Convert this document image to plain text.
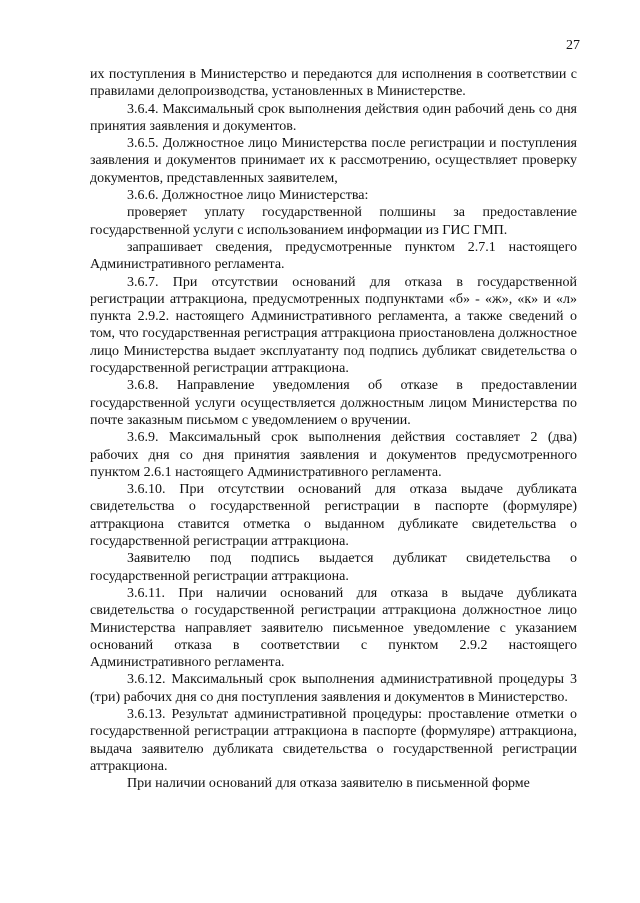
27

их поступления в Министерство и передаются для исполнения в соответствии с правилами делопроизводства, установленных в Министерстве.

3.6.4. Максимальный срок выполнения действия один рабочий день со дня принятия заявления и документов.

3.6.5. Должностное лицо Министерства после регистрации и поступления заявления и документов принимает их к рассмотрению, осуществляет проверку документов, представленных заявителем,

3.6.6. Должностное лицо Министерства:

проверяет уплату государственной полшины за предоставление государственной услуги с использованием информации из ГИС ГМП.

запрашивает сведения, предусмотренные пунктом 2.7.1 настоящего Административного регламента.

3.6.7. При отсутствии оснований для отказа в государственной регистрации аттракциона, предусмотренных подпунктами «б» - «ж», «к» и «л» пункта 2.9.2. настоящего Административного регламента, а также сведений о том, что государственная регистрация аттракциона приостановлена должностное лицо Министерства выдает эксплуатанту под подпись дубликат свидетельства о государственной регистрации аттракциона.

3.6.8. Направление уведомления об отказе в предоставлении государственной услуги осуществляется должностным лицом Министерства по почте заказным письмом с уведомлением о вручении.

3.6.9. Максимальный срок выполнения действия составляет 2 (два) рабочих дня со дня принятия заявления и документов предусмотренного пунктом 2.6.1 настоящего Административного регламента.

3.6.10. При отсутствии оснований для отказа выдаче дубликата свидетельства о государственной регистрации в паспорте (формуляре) аттракциона ставится отметка о выданном дубликате свидетельства о государственной регистрации аттракциона.

Заявителю под подпись выдается дубликат свидетельства о государственной регистрации аттракциона.

3.6.11. При наличии оснований для отказа в выдаче дубликата свидетельства о государственной регистрации аттракциона должностное лицо Министерства направляет заявителю письменное уведомление с указанием оснований отказа в соответствии с пунктом 2.9.2 настоящего Административного регламента.

3.6.12. Максимальный срок выполнения административной процедуры 3 (три) рабочих дня со дня поступления заявления и документов в Министерство.

3.6.13. Результат административной процедуры: проставление отметки о государственной регистрации аттракциона в паспорте (формуляре) аттракциона, выдача заявителю дубликата свидетельства о государственной регистрации аттракциона.

При наличии оснований для отказа заявителю в письменной форме
